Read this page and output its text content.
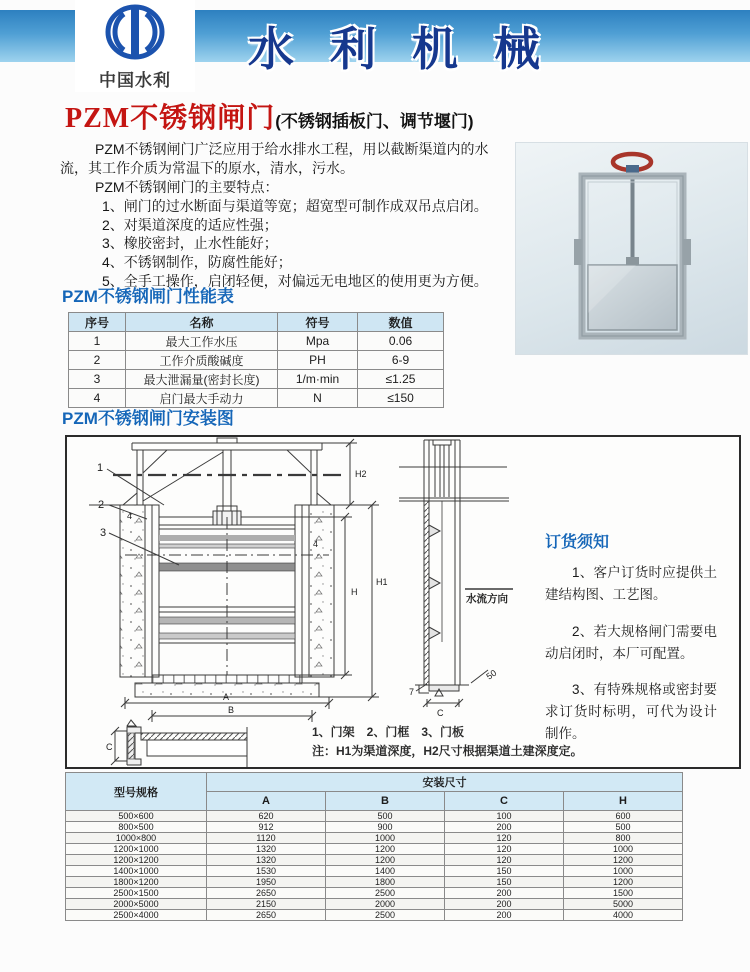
水利机械
中国水利
PZM不锈钢闸门(不锈钢插板门、调节堰门)

PZM不锈钢闸门广泛应用于给水排水工程，用以截断渠道内的水流，其工作介质为常温下的原水，清水，污水。

PZM不锈钢闸门的主要特点：

1、闸门的过水断面与渠道等宽；超宽型可制作成双吊点启闭。
2、对渠道深度的适应性强；
3、橡胶密封，止水性能好；
4、不锈钢制作，防腐性能好；
5、全手工操作，启闭轻便，对偏远无电地区的使用更为方便。
PZM不锈钢闸门性能表
序号	名称	符号	数值
1	最大工作水压	Mpa	0.06
2	工作介质酸碱度	PH	6-9
3	最大泄漏量(密封长度)	1/m·min	≤1.25
4	启门最大手动力	N	≤150
PZM不锈钢闸门安装图
1
2
3
4
4
H2
H
H1
A
B
C
C
50
7
水流方向
1、门架　2、门框　3、门板
注：H1为渠道深度，H2尺寸根据渠道土建深度定。
订货须知

1、客户订货时应提供土建结构图、工艺图。

2、若大规格闸门需要电动启闭时，本厂可配置。

3、有特殊规格或密封要求订货时标明，可代为设计制作。

型号规格	安装尺寸			
	A	B	C	H
500×600	620	500	100	600
800×500	912	900	200	500
1000×800	1120	1000	120	800
1200×1000	1320	1200	120	1000
1200×1200	1320	1200	120	1200
1400×1000	1530	1400	150	1000
1800×1200	1950	1800	150	1200
2500×1500	2650	2500	200	1500
2000×5000	2150	2000	200	5000
2500×4000	2650	2500	200	4000
